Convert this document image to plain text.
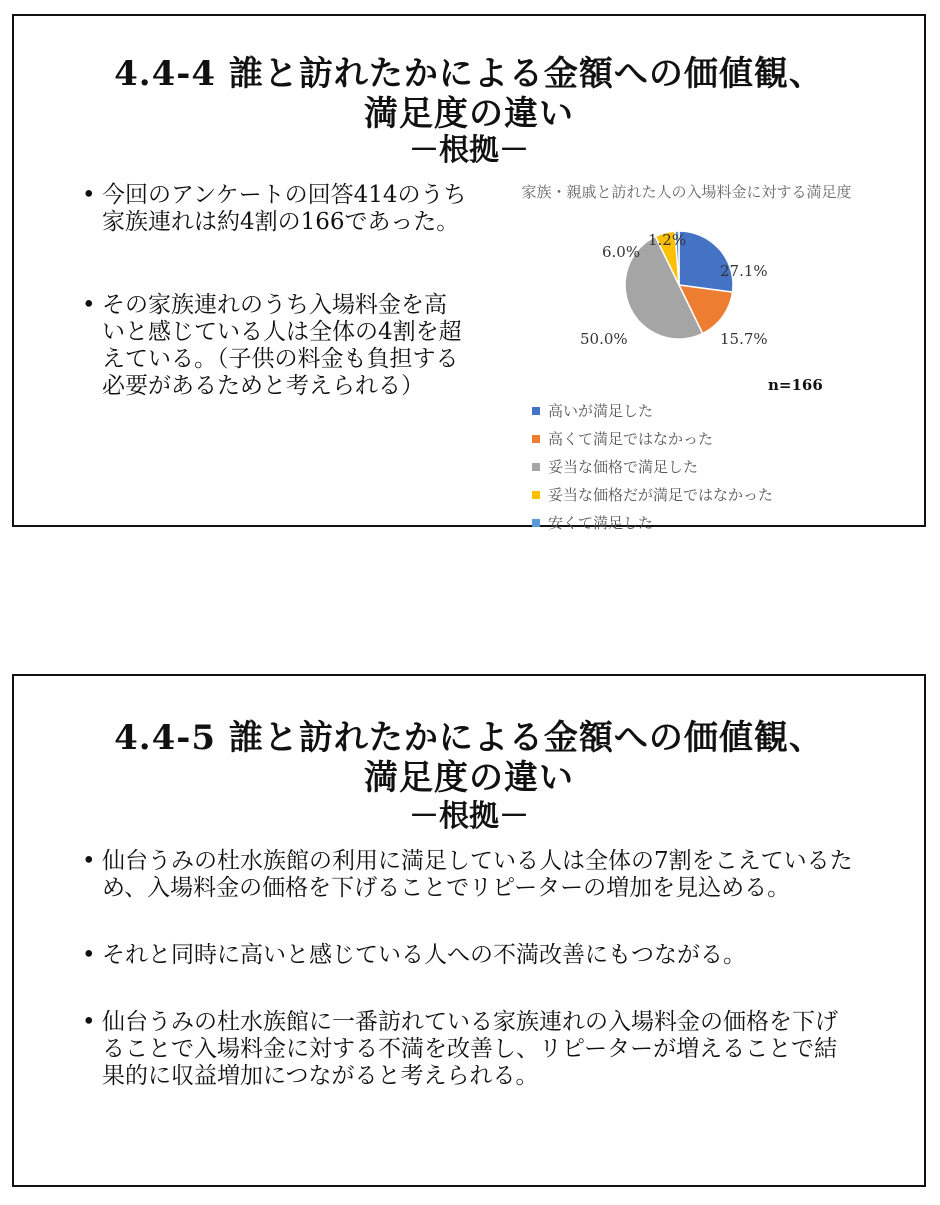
4.4-4 誰と訪れたかによる金額への価値観、
満足度の違い
－根拠－
• 今回のアンケートの回答414のうち家族連れは約4割の166であった。
• その家族連れのうち入場料金を高いと感じている人は全体の4割を超えている。（子供の料金も負担する必要があるためと考えられる）
家族・親戚と訪れた人の入場料金に対する満足度
27.1%
15.7%
50.0%
6.0%
1.2%
n=166
高いが満足した
高くて満足ではなかった
妥当な価格で満足した
妥当な価格だが満足ではなかった
安くて満足した
4.4-5 誰と訪れたかによる金額への価値観、
満足度の違い
－根拠－
• 仙台うみの杜水族館の利用に満足している人は全体の7割をこえているため、入場料金の価格を下げることでリピーターの増加を見込める。
• それと同時に高いと感じている人への不満改善にもつながる。
• 仙台うみの杜水族館に一番訪れている家族連れの入場料金の価格を下げることで入場料金に対する不満を改善し、リピーターが増えることで結果的に収益増加につながると考えられる。
